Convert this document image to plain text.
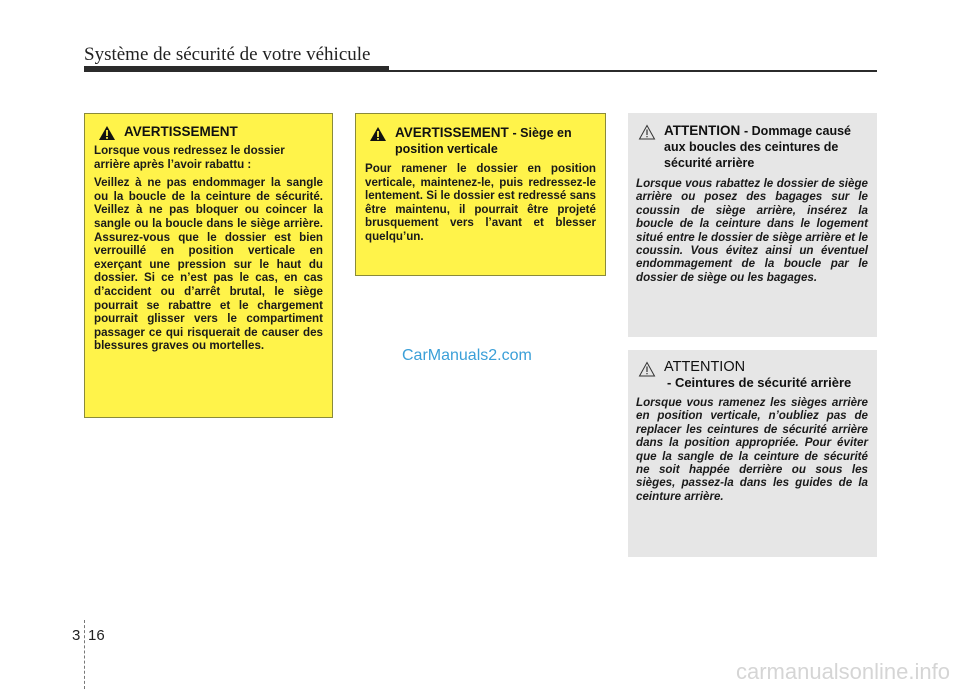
Système de sécurité de votre véhicule
AVERTISSEMENT

Lorsque vous redressez le dossier arrière après l’avoir rabattu :

Veillez à ne pas endommager la sangle ou la boucle de la ceinture de sécurité. Veillez à ne pas bloquer ou coincer la sangle ou la boucle dans le siège arrière. Assurez-vous que le dossier est bien verrouillé en position verticale en exerçant une pression sur le haut du dossier. Si ce n’est pas le cas, en cas d’accident ou d’arrêt brutal, le siège pourrait se rabattre et le chargement pourrait glisser vers le compartiment passager ce qui risquerait de causer des blessures graves ou mortelles.

AVERTISSEMENT - Siège en position verticale

Pour ramener le dossier en position verticale, maintenez-le, puis redressez-le lentement. Si le dossier est redressé sans être maintenu, il pourrait être projeté brusquement vers l’avant et blesser quelqu’un.

ATTENTION - Dommage causé aux boucles des ceintures de sécurité arrière

Lorsque vous rabattez le dossier de siège arrière ou posez des bagages sur le coussin de siège arrière, insérez la boucle de la ceinture dans le logement situé entre le dossier de siège arrière et le coussin. Vous évitez ainsi un éventuel endommagement de la boucle par le dossier de siège ou les bagages.

ATTENTION
- Ceintures de sécurité arrière

Lorsque vous ramenez les sièges arrière en position verticale, n’oubliez pas de replacer les ceintures de sécurité arrière dans la position appropriée. Pour éviter que la sangle de la ceinture de sécurité ne soit happée derrière ou sous les sièges, passez-la dans les guides de la ceinture arrière.

CarManuals2.com
3 16
carmanualsonline.info
